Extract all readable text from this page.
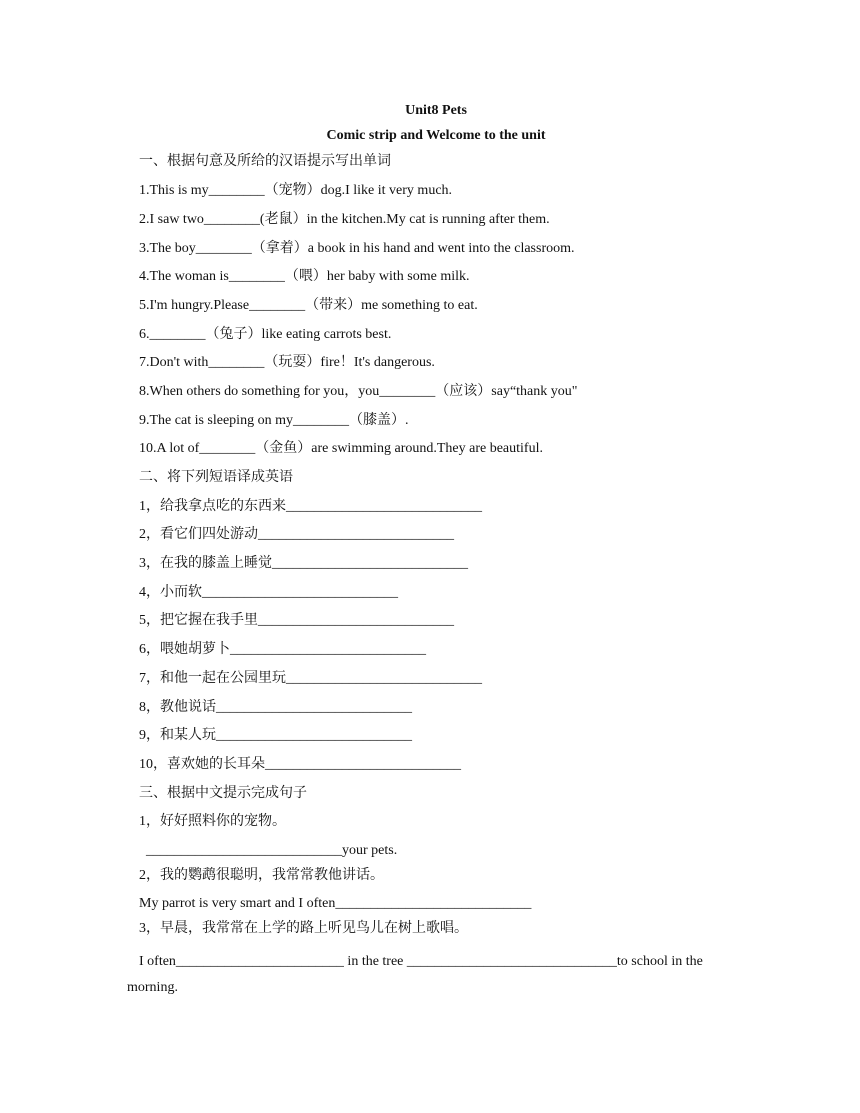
Unit8 Pets
Comic strip and Welcome to the unit
一、根据句意及所给的汉语提示写出单词
1.This is my________（宠物）dog.I like it very much.
2.I saw two________(老鼠）in the kitchen.My cat is running after them.
3.The boy________（拿着）a book in his hand and went into the classroom.
4.The woman is________（喂）her baby with some milk.
5.I'm hungry.Please________（带来）me something to eat.
6.________（兔子）like eating carrots best.
7.Don't with________（玩耍）fire！It's dangerous.
8.When others do something for you，you________（应该）say“thank you"
9.The cat is sleeping on my________（膝盖）.
10.A lot of________（金鱼）are swimming around.They are beautiful.
二、将下列短语译成英语
1，给我拿点吃的东西来____________________________
2，看它们四处游动____________________________
3，在我的膝盖上睡觉____________________________
4，小而软____________________________
5，把它握在我手里____________________________
6，喂她胡萝卜____________________________
7，和他一起在公园里玩____________________________
8，教他说话____________________________
9，和某人玩____________________________
10，喜欢她的长耳朵____________________________
三、根据中文提示完成句子
1，好好照料你的宠物。
____________________________your pets.
2，我的鹦鹉很聪明，我常常教他讲话。
My parrot is very smart and I often____________________________
3，早晨，我常常在上学的路上听见鸟儿在树上歌唱。
I often________________________ in the tree ______________________________to school in the morning.
